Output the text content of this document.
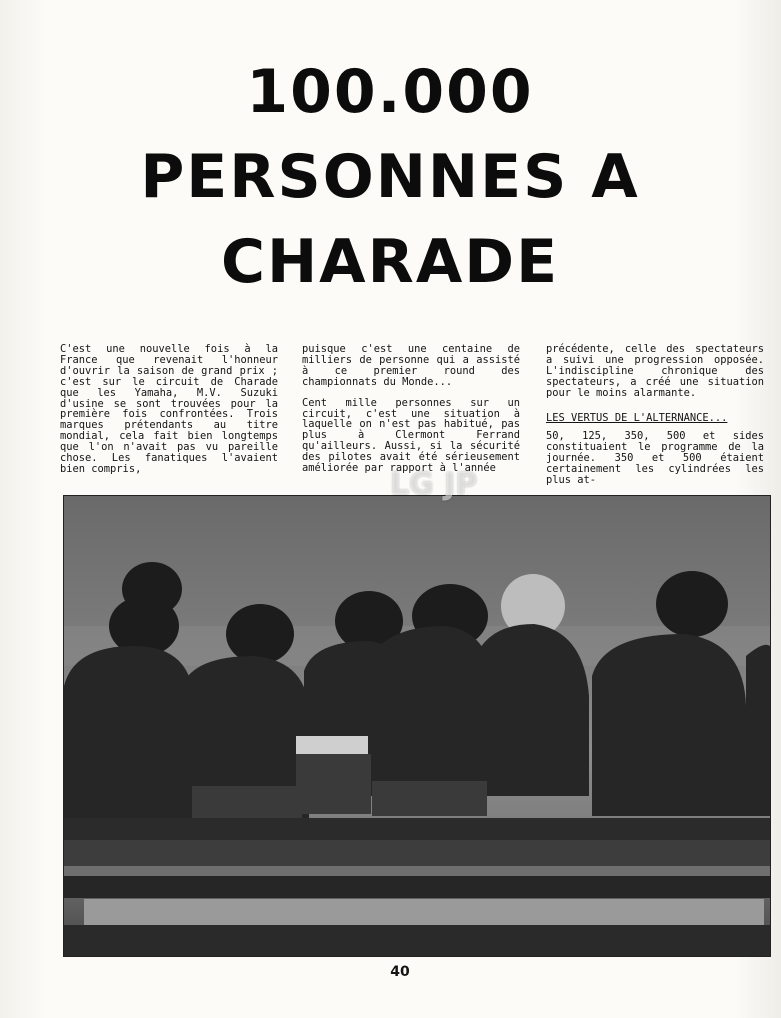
100.000
PERSONNES A
CHARADE

C'est une nouvelle fois à la France que revenait l'honneur d'ouvrir la saison de grand prix ; c'est sur le circuit de Charade que les Yamaha, M.V. Suzuki d'usine se sont trouvées pour la première fois confrontées. Trois marques prétendants au titre mondial, cela fait bien longtemps que l'on n'avait pas vu pareille chose. Les fanatiques l'avaient bien compris,

puisque c'est une centaine de milliers de personne qui a assisté à ce premier round des championnats du Monde...

Cent mille personnes sur un circuit, c'est une situation à laquelle on n'est pas habitué, pas plus à Clermont Ferrand qu'ailleurs. Aussi, si la sécurité des pilotes avait été sérieusement améliorée par rapport à l'année

précédente, celle des spectateurs a suivi une progression opposée. L'indiscipline chronique des spectateurs, a créé une situation pour le moins alarmante.

LES VERTUS DE L'ALTERNANCE...

50, 125, 350, 500 et sides constituaient le programme de la journée. 350 et 500 étaient certainement les cylindrées les plus at-

LG JP
40
